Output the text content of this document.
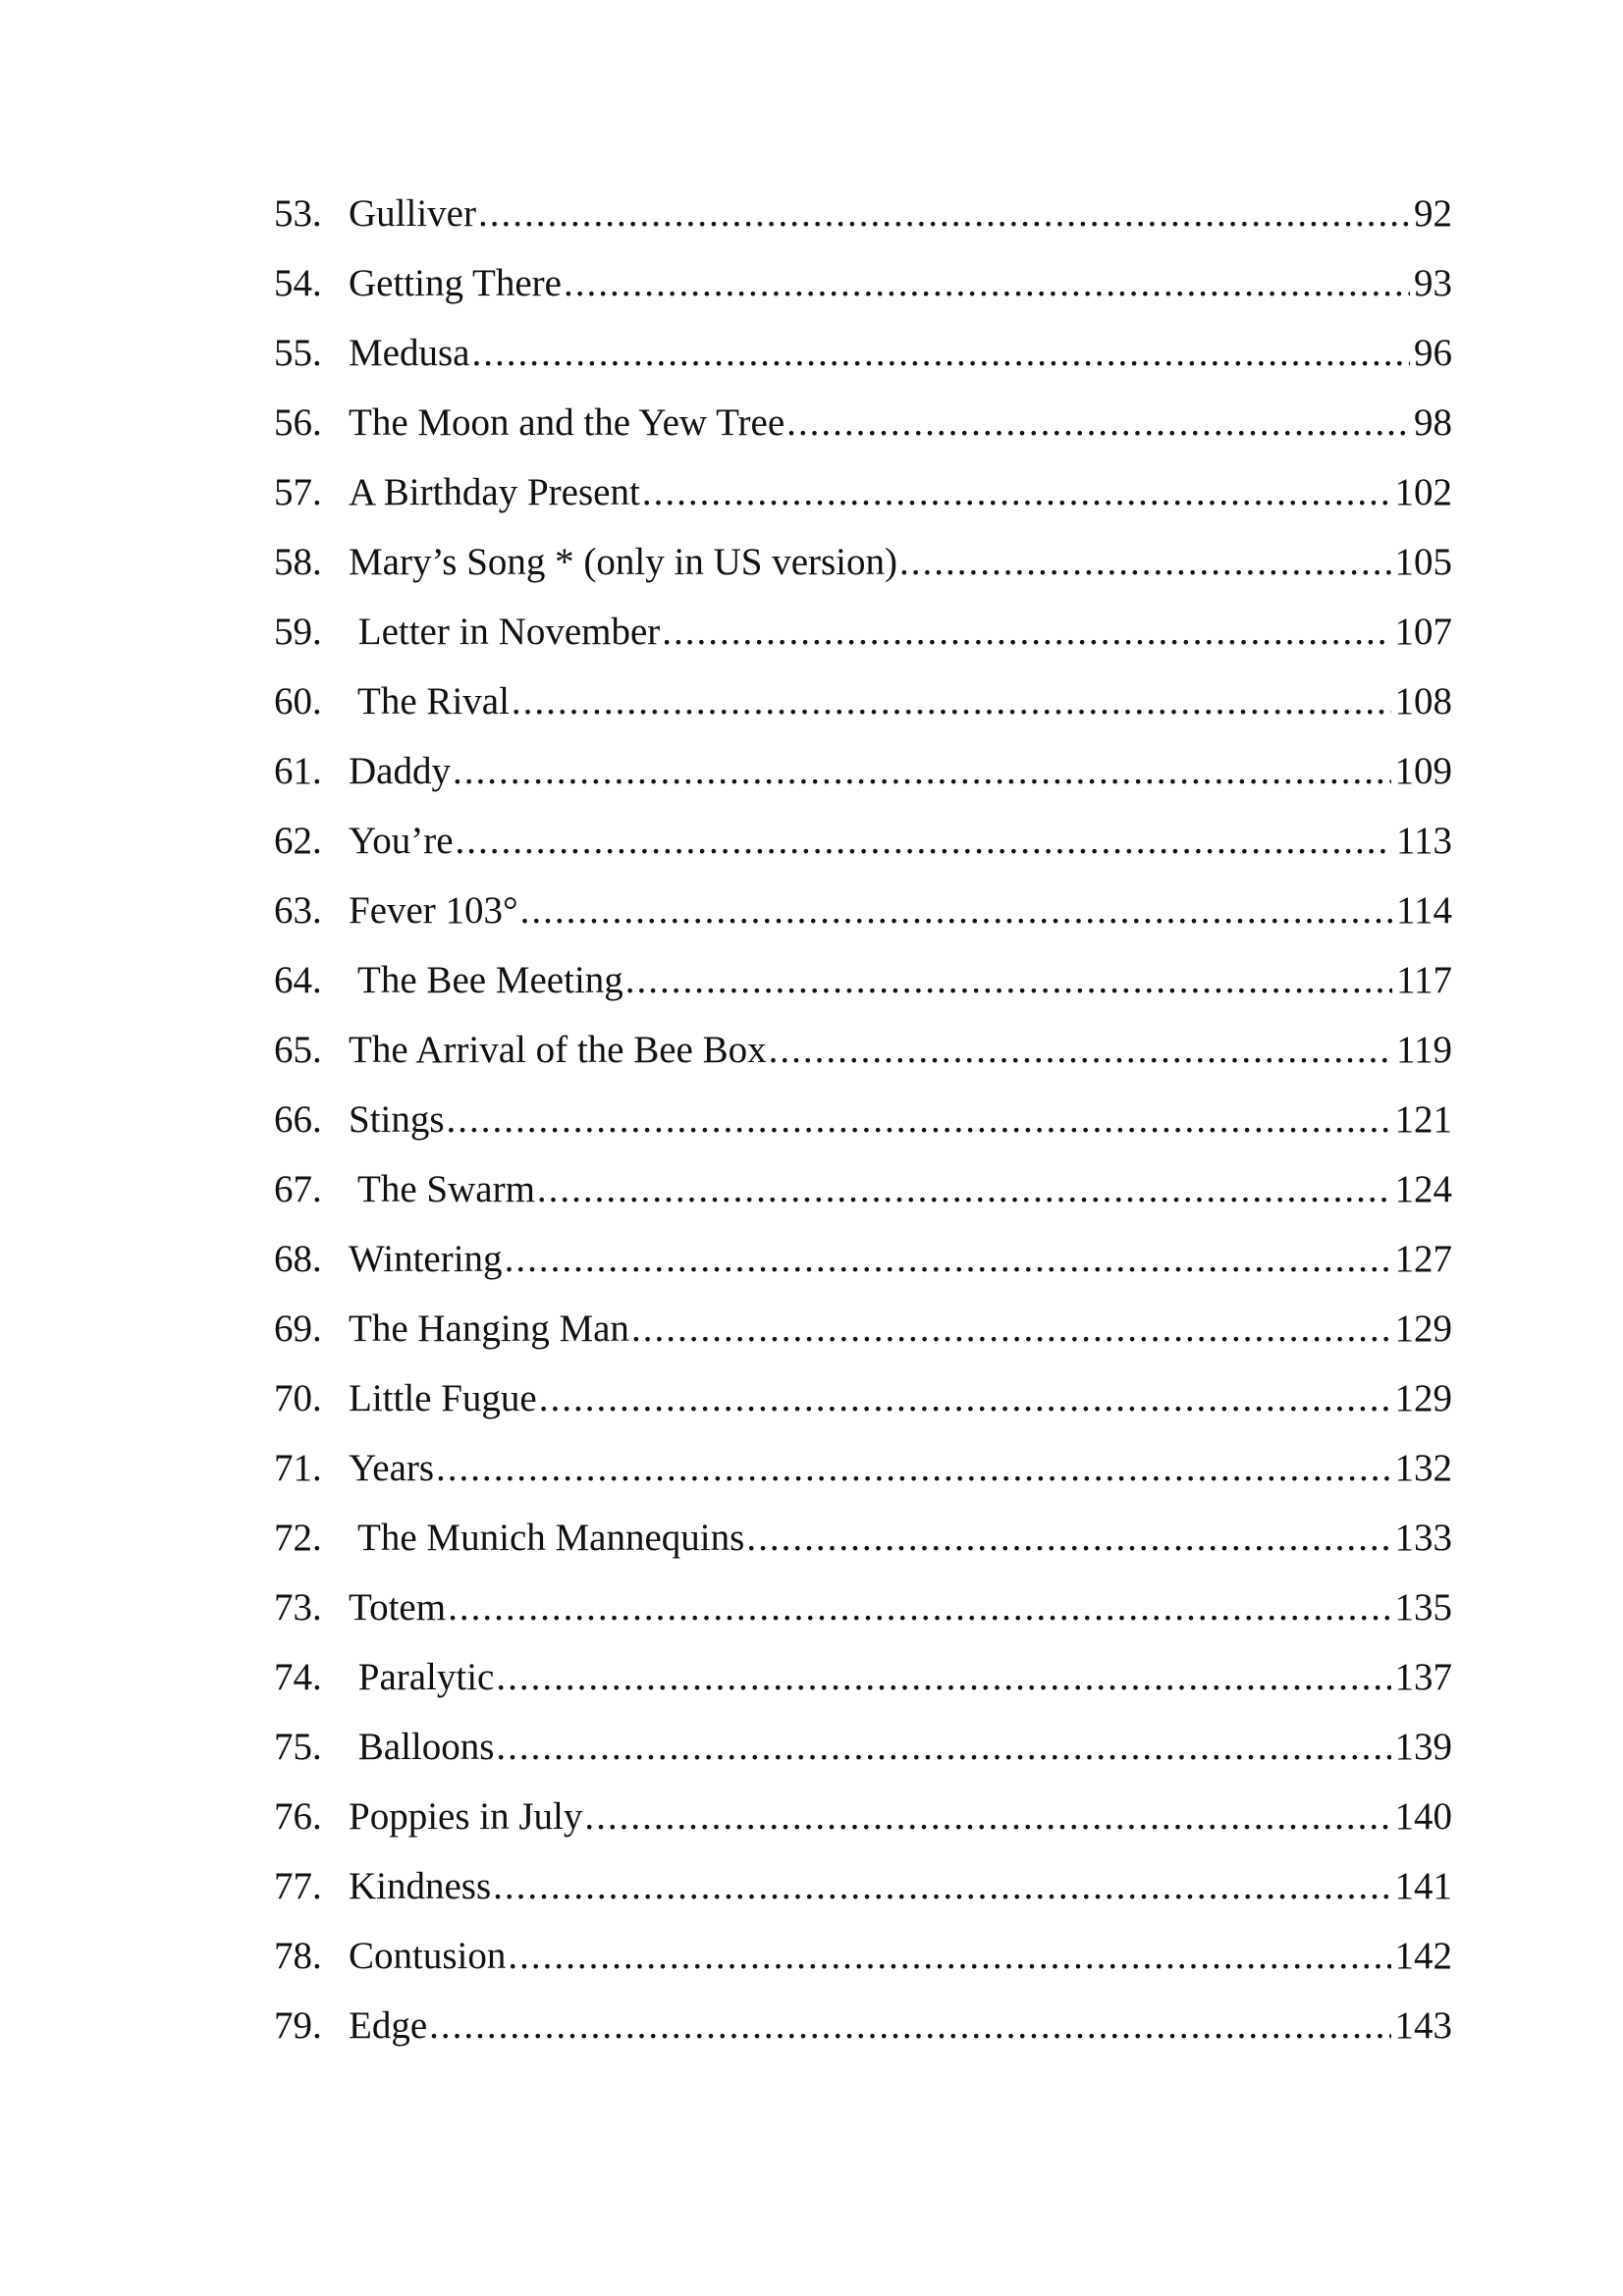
53. Gulliver .....	92
54. Getting There .....	93
55. Medusa .....	96
56. The Moon and the Yew Tree .....	98
57. A Birthday Present .....	102
58. Mary’s Song * (only in US version) .....	105
59. Letter in November .....	107
60. The Rival .....	108
61. Daddy .....	109
62. You’re .....	113
63. Fever 103° .....	114
64. The Bee Meeting .....	117
65. The Arrival of the Bee Box .....	119
66. Stings .....	121
67. The Swarm .....	124
68. Wintering .....	127
69. The Hanging Man .....	129
70. Little Fugue .....	129
71. Years .....	132
72. The Munich Mannequins .....	133
73. Totem .....	135
74. Paralytic .....	137
75. Balloons .....	139
76. Poppies in July .....	140
77. Kindness .....	141
78. Contusion .....	142
79. Edge .....	143
